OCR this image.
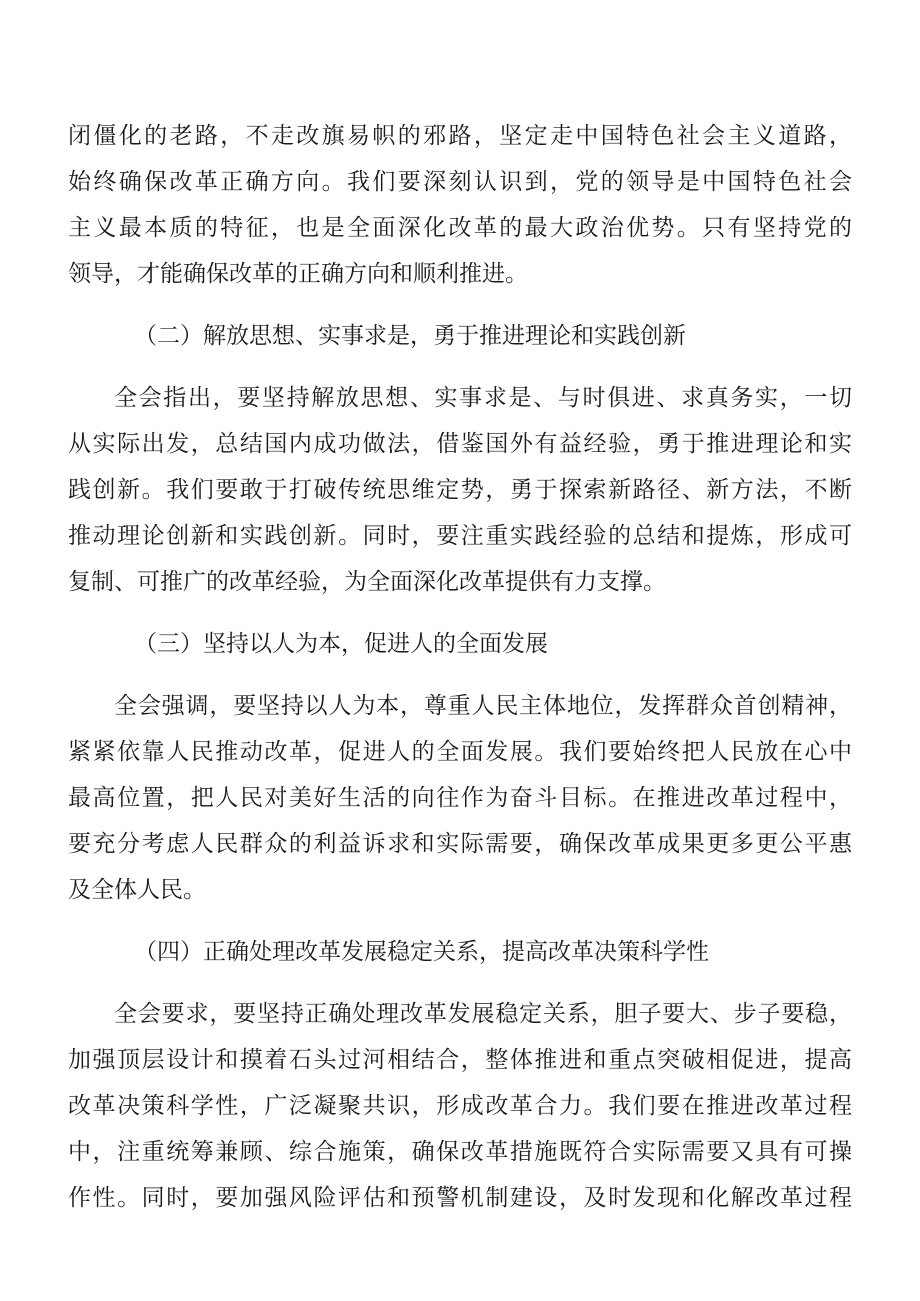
闭僵化的老路，不走改旗易帜的邪路，坚定走中国特色社会主义道路，
始终确保改革正确方向。我们要深刻认识到，党的领导是中国特色社会
主义最本质的特征，也是全面深化改革的最大政治优势。只有坚持党的
领导，才能确保改革的正确方向和顺利推进。
（二）解放思想、实事求是，勇于推进理论和实践创新
全会指出，要坚持解放思想、实事求是、与时俱进、求真务实，一切
从实际出发，总结国内成功做法，借鉴国外有益经验，勇于推进理论和实
践创新。我们要敢于打破传统思维定势，勇于探索新路径、新方法，不断
推动理论创新和实践创新。同时，要注重实践经验的总结和提炼，形成可
复制、可推广的改革经验，为全面深化改革提供有力支撑。
（三）坚持以人为本，促进人的全面发展
全会强调，要坚持以人为本，尊重人民主体地位，发挥群众首创精神，
紧紧依靠人民推动改革，促进人的全面发展。我们要始终把人民放在心中
最高位置，把人民对美好生活的向往作为奋斗目标。在推进改革过程中，
要充分考虑人民群众的利益诉求和实际需要，确保改革成果更多更公平惠
及全体人民。
（四）正确处理改革发展稳定关系，提高改革决策科学性
全会要求，要坚持正确处理改革发展稳定关系，胆子要大、步子要稳，
加强顶层设计和摸着石头过河相结合，整体推进和重点突破相促进，提高
改革决策科学性，广泛凝聚共识，形成改革合力。我们要在推进改革过程
中，注重统筹兼顾、综合施策，确保改革措施既符合实际需要又具有可操
作性。同时，要加强风险评估和预警机制建设，及时发现和化解改革过程
